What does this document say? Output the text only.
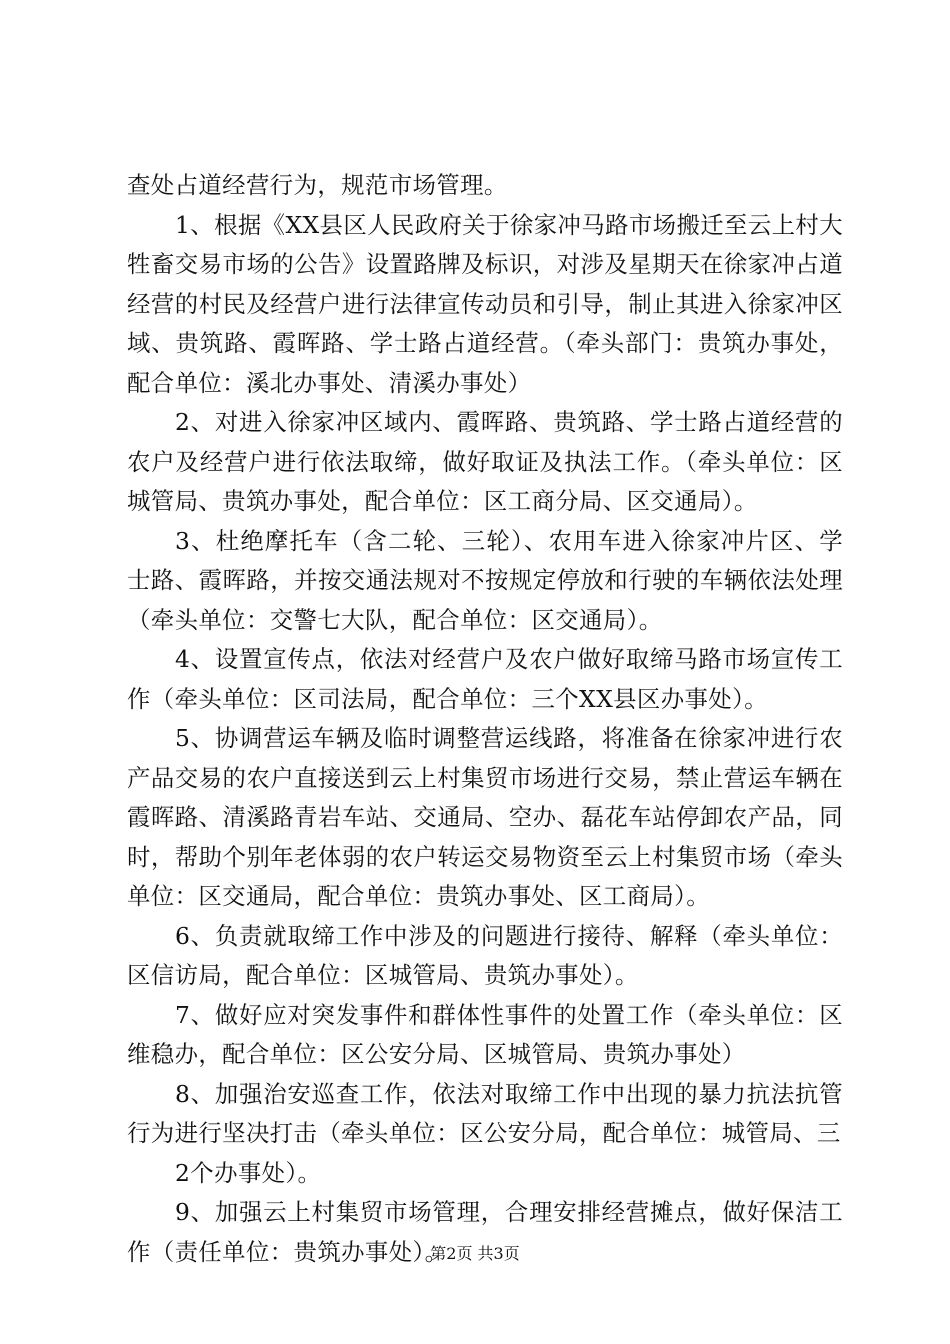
查处占道经营行为，规范市场管理。

1、根据《XX县区人民政府关于徐家冲马路市场搬迁至云上村大牲畜交易市场的公告》设置路牌及标识，对涉及星期天在徐家冲占道经营的村民及经营户进行法律宣传动员和引导，制止其进入徐家冲区域、贵筑路、霞晖路、学士路占道经营。（牵头部门：贵筑办事处，配合单位：溪北办事处、清溪办事处）

2、对进入徐家冲区域内、霞晖路、贵筑路、学士路占道经营的农户及经营户进行依法取缔，做好取证及执法工作。（牵头单位：区城管局、贵筑办事处，配合单位：区工商分局、区交通局）。

3、杜绝摩托车（含二轮、三轮）、农用车进入徐家冲片区、学士路、霞晖路，并按交通法规对不按规定停放和行驶的车辆依法处理（牵头单位：交警七大队，配合单位：区交通局）。

4、设置宣传点，依法对经营户及农户做好取缔马路市场宣传工作（牵头单位：区司法局，配合单位：三个XX县区办事处）。

5、协调营运车辆及临时调整营运线路，将准备在徐家冲进行农产品交易的农户直接送到云上村集贸市场进行交易，禁止营运车辆在霞晖路、清溪路青岩车站、交通局、空办、磊花车站停卸农产品，同时，帮助个别年老体弱的农户转运交易物资至云上村集贸市场（牵头单位：区交通局，配合单位：贵筑办事处、区工商局）。

6、负责就取缔工作中涉及的问题进行接待、解释（牵头单位：区信访局，配合单位：区城管局、贵筑办事处）。

7、做好应对突发事件和群体性事件的处置工作（牵头单位：区维稳办，配合单位：区公安分局、区城管局、贵筑办事处）

8、加强治安巡查工作，依法对取缔工作中出现的暴力抗法抗管行为进行坚决打击（牵头单位：区公安分局，配合单位：城管局、三

2个办事处）。

9、加强云上村集贸市场管理，合理安排经营摊点，做好保洁工作（责任单位：贵筑办事处）。

第2页 共3页
